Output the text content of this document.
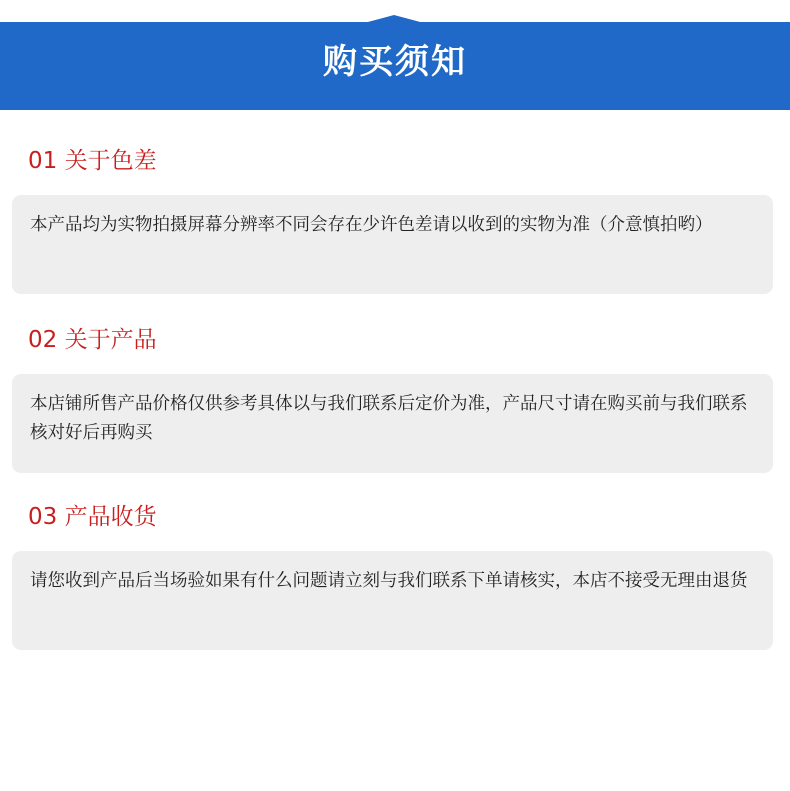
购买须知
01 关于色差
本产品均为实物拍摄屏幕分辨率不同会存在少许色差请以收到的实物为准（介意慎拍哟）
02 关于产品
本店铺所售产品价格仅供参考具体以与我们联系后定价为准，产品尺寸请在购买前与我们联系核对好后再购买
03 产品收货
请您收到产品后当场验如果有什么问题请立刻与我们联系下单请核实，本店不接受无理由退货
